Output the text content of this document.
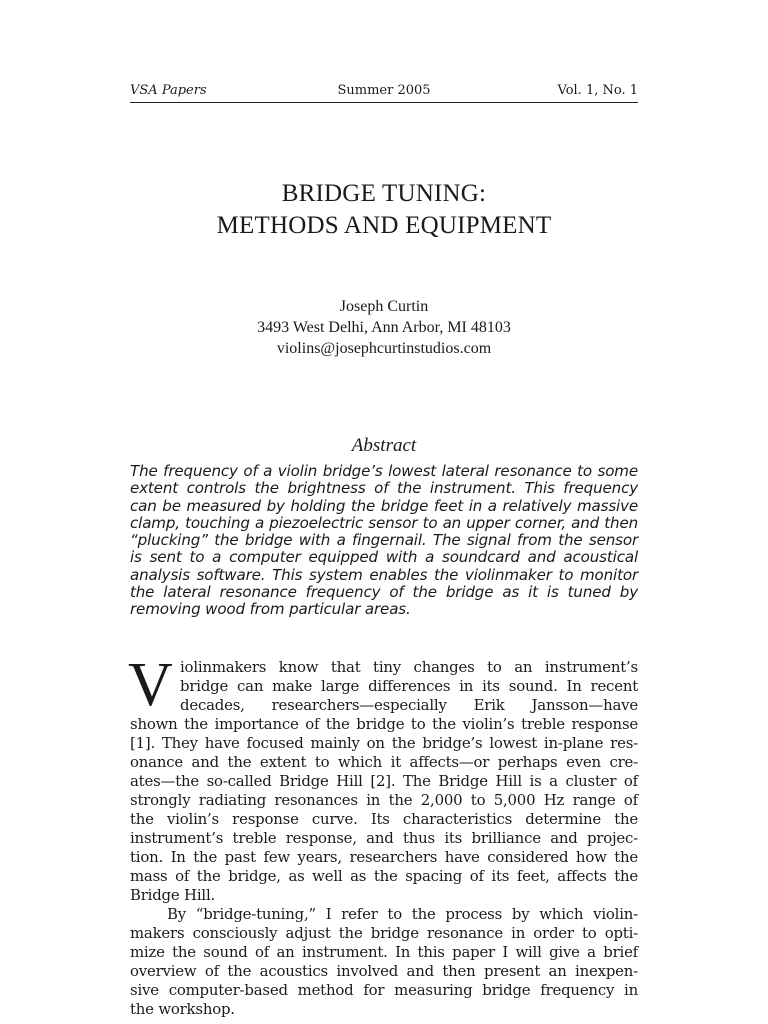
VSA Papers	Summer 2005	Vol. 1, No. 1
BRIDGE TUNING:
METHODS AND EQUIPMENT
Joseph Curtin
3493 West Delhi, Ann Arbor, MI 48103
violins@josephcurtinstudios.com
Abstract
The frequency of a violin bridge’s lowest lateral resonance to some
extent controls the brightness of the instrument. This frequency
can be measured by holding the bridge feet in a relatively massive
clamp, touching a piezoelectric sensor to an upper corner, and then
“plucking” the bridge with a fingernail. The signal from the sensor
is sent to a computer equipped with a soundcard and acoustical
analysis software. This system enables the violinmaker to monitor
the lateral resonance frequency of the bridge as it is tuned by
removing wood from particular areas.
V iolinmakers know that tiny changes to an instrument’s
bridge can make large differences in its sound. In recent
decades, researchers—especially Erik Jansson—have
shown the importance of the bridge to the violin’s treble response
[1]. They have focused mainly on the bridge’s lowest in-plane res-
onance and the extent to which it affects—or perhaps even cre-
ates—the so-called Bridge Hill [2]. The Bridge Hill is a cluster of
strongly radiating resonances in the 2,000 to 5,000 Hz range of
the violin’s response curve. Its characteristics determine the
instrument’s treble response, and thus its brilliance and projec-
tion. In the past few years, researchers have considered how the
mass of the bridge, as well as the spacing of its feet, affects the
Bridge Hill.
By “bridge-tuning,” I refer to the process by which violin-
makers consciously adjust the bridge resonance in order to opti-
mize the sound of an instrument. In this paper I will give a brief
overview of the acoustics involved and then present an inexpen-
sive computer-based method for measuring bridge frequency in
the workshop.
